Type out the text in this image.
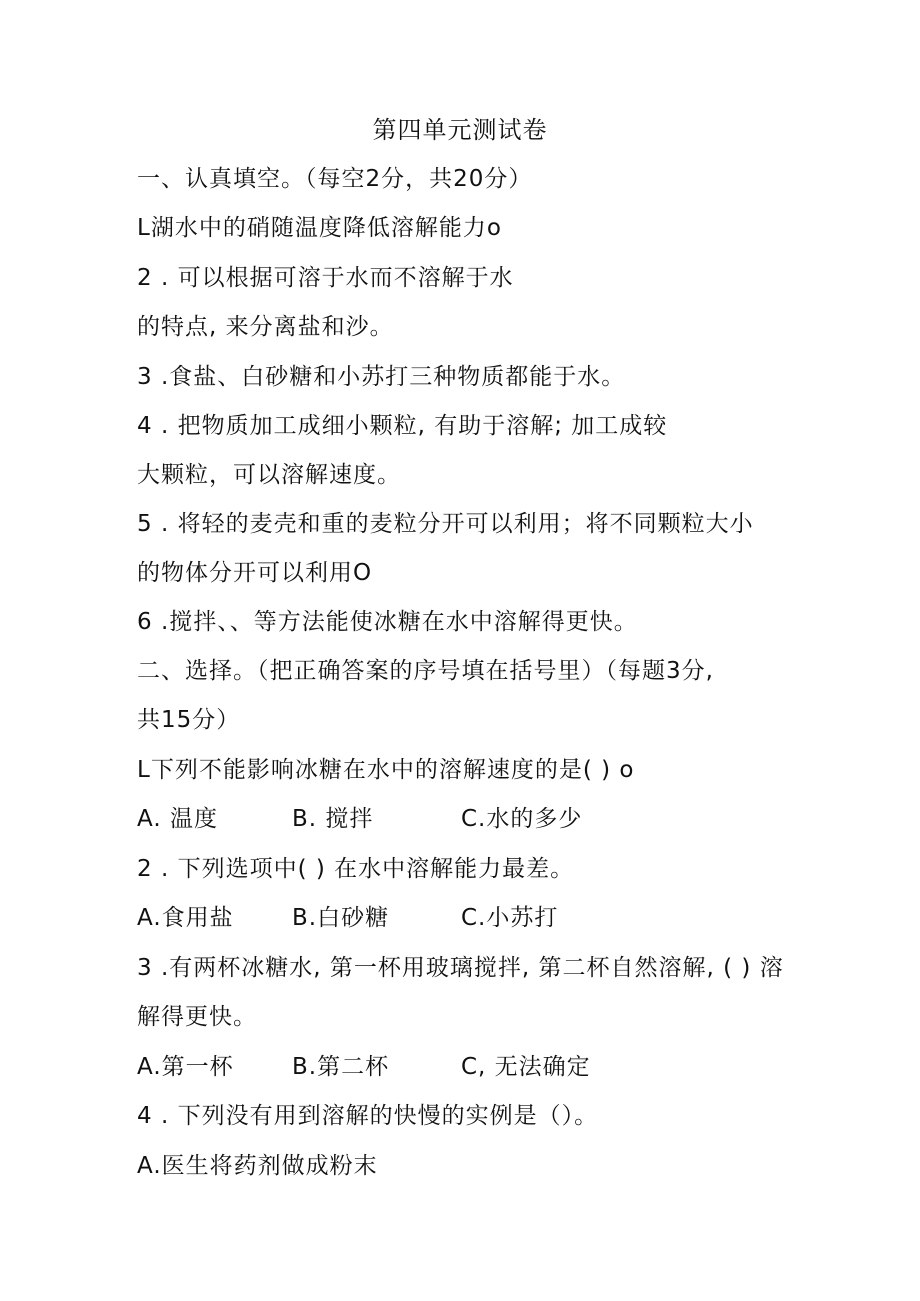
第四单元测试卷
一、认真填空。（每空2分，共20分）
L湖水中的硝随温度降低溶解能力o
2 . 可以根据可溶于水而不溶解于水
的特点, 来分离盐和沙。
3 .食盐、白砂糖和小苏打三种物质都能于水。
4 . 把物质加工成细小颗粒, 有助于溶解; 加工成较
大颗粒，可以溶解速度。
5 . 将轻的麦壳和重的麦粒分开可以利用；将不同颗粒大小
的物体分开可以利用O
6 .搅拌、、等方法能使冰糖在水中溶解得更快。
二、选择。（把正确答案的序号填在括号里）（每题3分,
共15分）
L下列不能影响冰糖在水中的溶解速度的是( ) o
A. 温度	B. 搅拌	C.水的多少
2 . 下列选项中( ) 在水中溶解能力最差。
A.食用盐	B.白砂糖	C.小苏打
3 .有两杯冰糖水, 第一杯用玻璃搅拌, 第二杯自然溶解, ( ) 溶
解得更快。
A.第一杯	B.第二杯	C, 无法确定
4 . 下列没有用到溶解的快慢的实例是（）。
A.医生将药剂做成粉末
